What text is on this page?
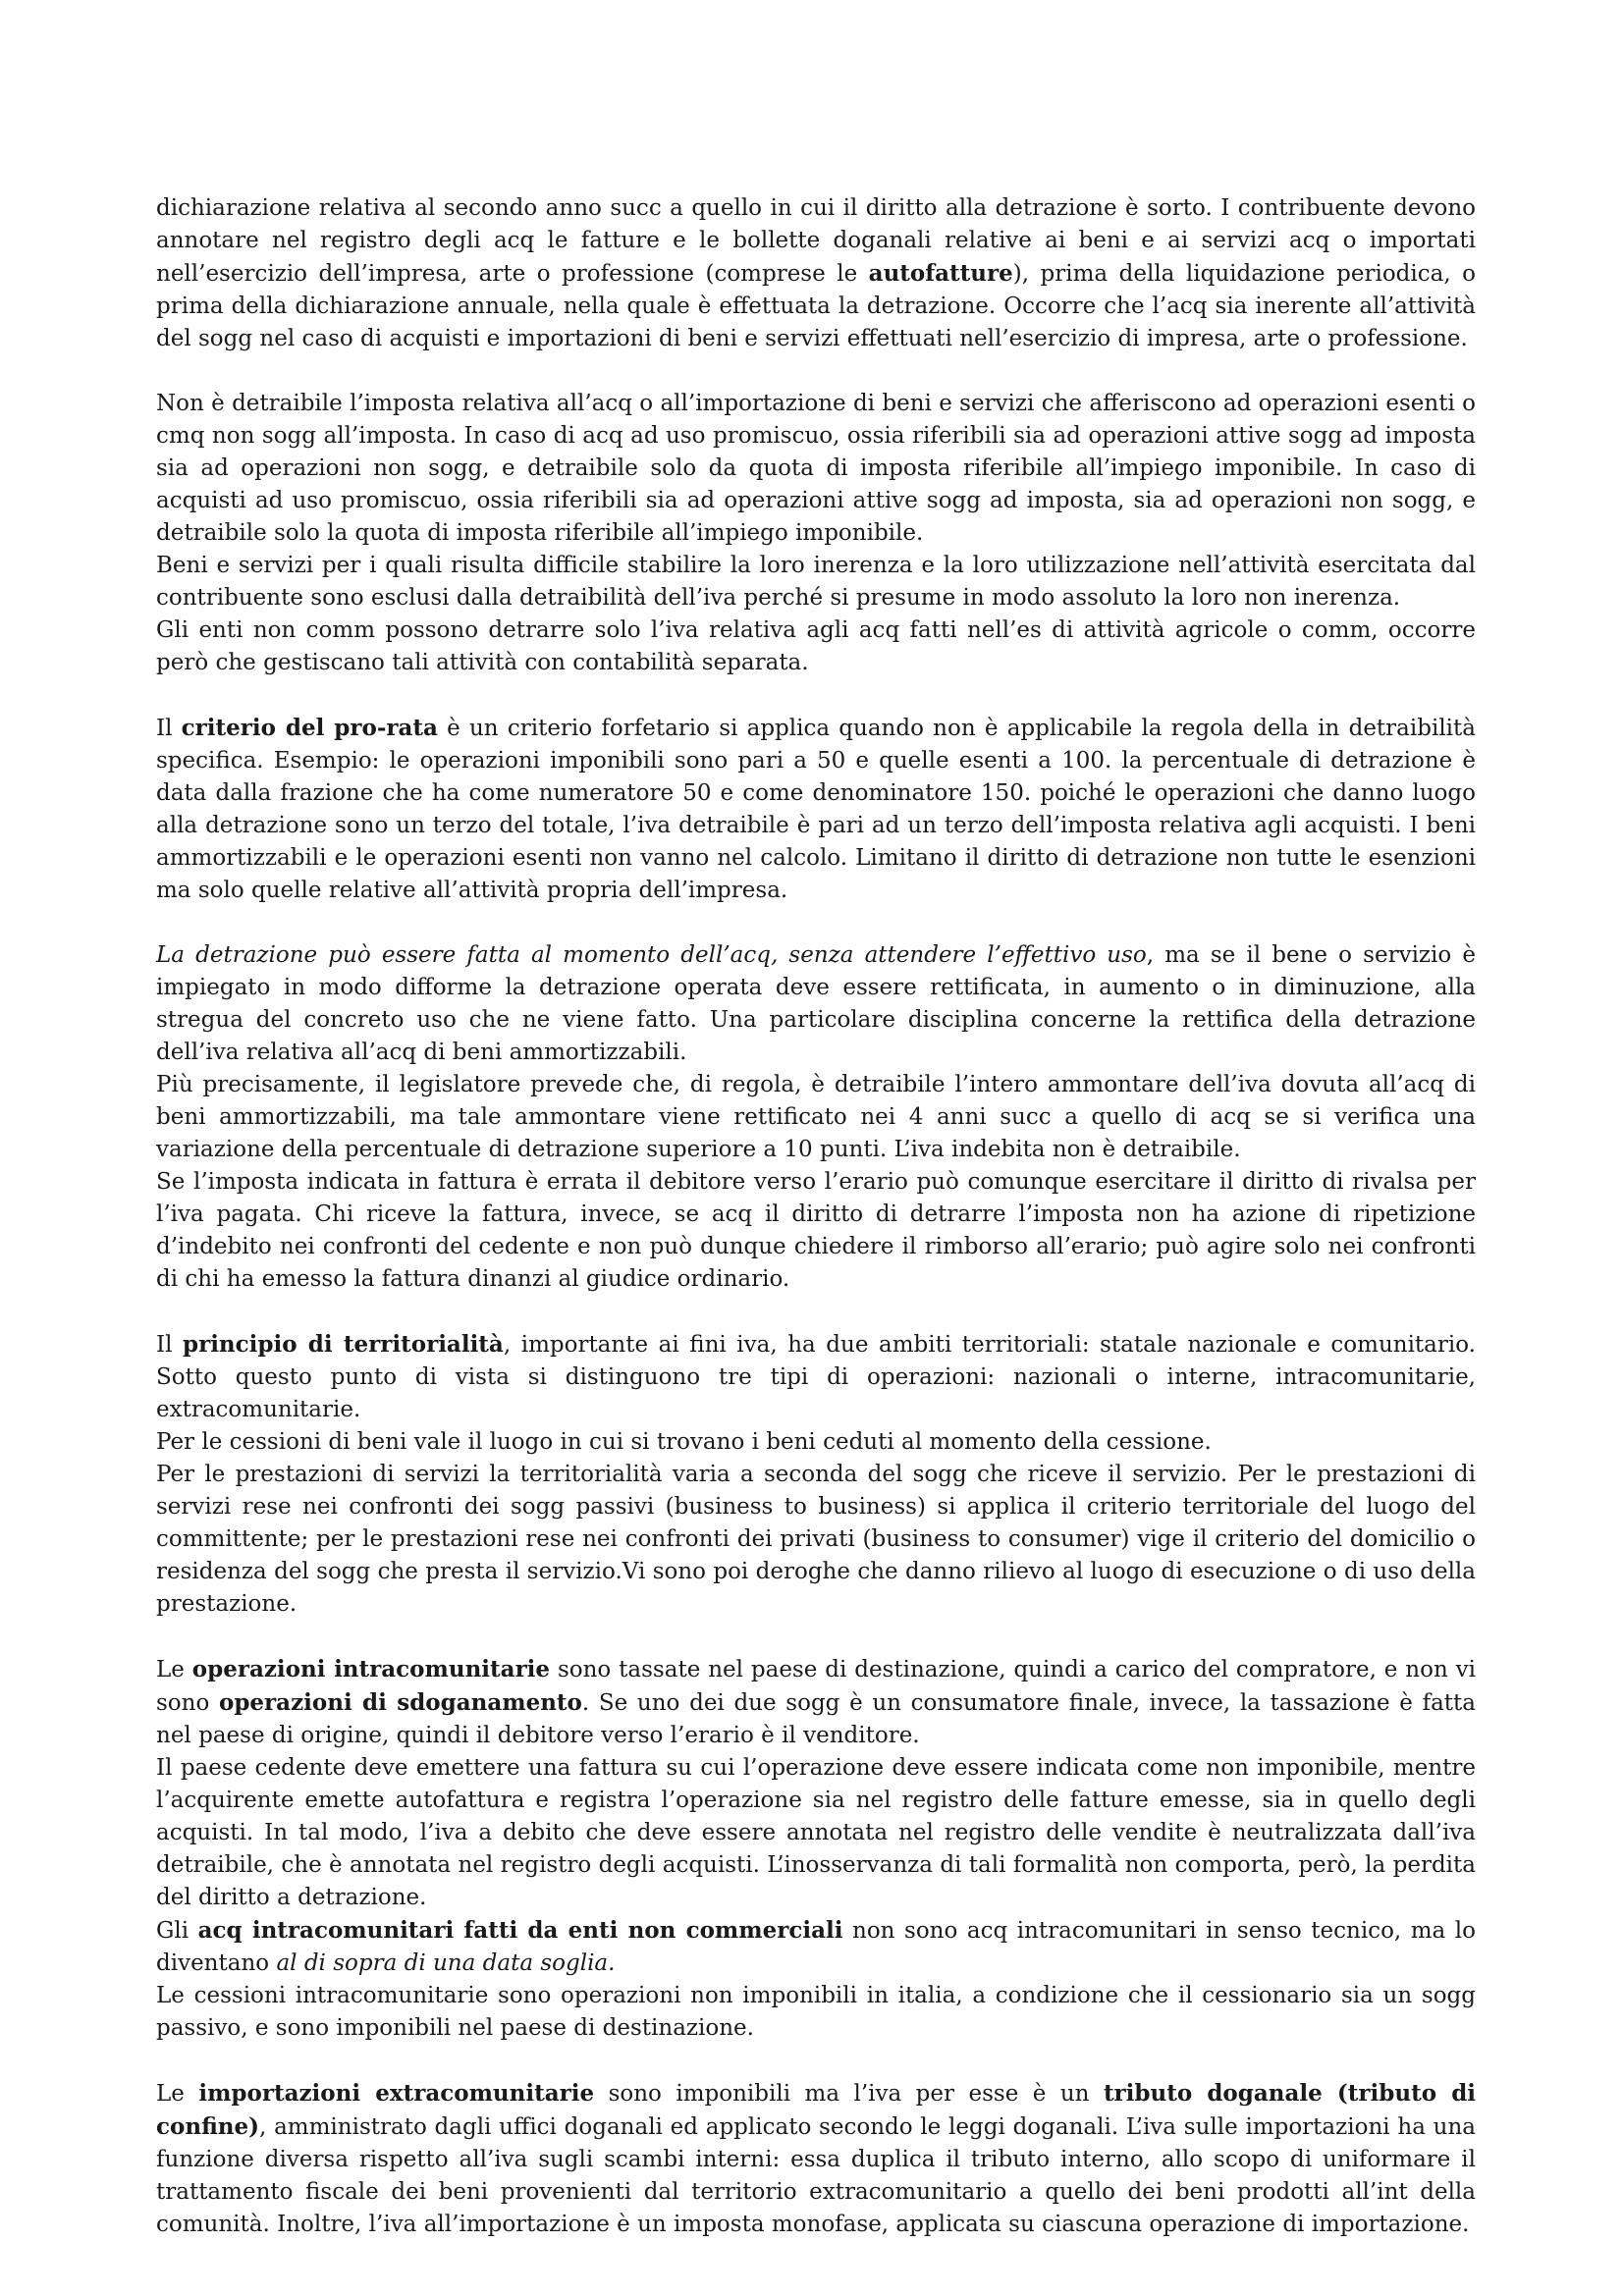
dichiarazione relativa al secondo anno succ a quello in cui il diritto alla detrazione è sorto. I contribuente devono annotare nel registro degli acq le fatture e le bollette doganali relative ai beni e ai servizi acq o importati nell’esercizio dell’impresa, arte o professione (comprese le autofatture), prima della liquidazione periodica, o prima della dichiarazione annuale, nella quale è effettuata la detrazione. Occorre che l’acq sia inerente all’attività del sogg nel caso di acquisti e importazioni di beni e servizi effettuati nell’esercizio di impresa, arte o professione.

Non è detraibile l’imposta relativa all’acq o all’importazione di beni e servizi che afferiscono ad operazioni esenti o cmq non sogg all’imposta. In caso di acq ad uso promiscuo, ossia riferibili sia ad operazioni attive sogg ad imposta sia ad operazioni non sogg, e detraibile solo da quota di imposta riferibile all’impiego imponibile. In caso di acquisti ad uso promiscuo, ossia riferibili sia ad operazioni attive sogg ad imposta, sia ad operazioni non sogg, e detraibile solo la quota di imposta riferibile all’impiego imponibile.

Beni e servizi per i quali risulta difficile stabilire la loro inerenza e la loro utilizzazione nell’attività esercitata dal contribuente sono esclusi dalla detraibilità dell’iva perché si presume in modo assoluto la loro non inerenza.

Gli enti non comm possono detrarre solo l’iva relativa agli acq fatti nell’es di attività agricole o comm, occorre però che gestiscano tali attività con contabilità separata.

Il criterio del pro-rata è un criterio forfetario si applica quando non è applicabile la regola della in detraibilità specifica. Esempio: le operazioni imponibili sono pari a 50 e quelle esenti a 100. la percentuale di detrazione è data dalla frazione che ha come numeratore 50 e come denominatore 150. poiché le operazioni che danno luogo alla detrazione sono un terzo del totale, l’iva detraibile è pari ad un terzo dell’imposta relativa agli acquisti. I beni ammortizzabili e le operazioni esenti non vanno nel calcolo. Limitano il diritto di detrazione non tutte le esenzioni ma solo quelle relative all’attività propria dell’impresa.

La detrazione può essere fatta al momento dell’acq, senza attendere l’effettivo uso, ma se il bene o servizio è impiegato in modo difforme la detrazione operata deve essere rettificata, in aumento o in diminuzione, alla stregua del concreto uso che ne viene fatto. Una particolare disciplina concerne la rettifica della detrazione dell’iva relativa all’acq di beni ammortizzabili.

Più precisamente, il legislatore prevede che, di regola, è detraibile l’intero ammontare dell’iva dovuta all’acq di beni ammortizzabili, ma tale ammontare viene rettificato nei 4 anni succ a quello di acq se si verifica una variazione della percentuale di detrazione superiore a 10 punti. L’iva indebita non è detraibile.

Se l’imposta indicata in fattura è errata il debitore verso l’erario può comunque esercitare il diritto di rivalsa per l’iva pagata. Chi riceve la fattura, invece, se acq il diritto di detrarre l’imposta non ha azione di ripetizione d’indebito nei confronti del cedente e non può dunque chiedere il rimborso all’erario; può agire solo nei confronti di chi ha emesso la fattura dinanzi al giudice ordinario.

Il principio di territorialità, importante ai fini iva, ha due ambiti territoriali: statale nazionale e comunitario. Sotto questo punto di vista si distinguono tre tipi di operazioni: nazionali o interne, intracomunitarie, extracomunitarie.

Per le cessioni di beni vale il luogo in cui si trovano i beni ceduti al momento della cessione.

Per le prestazioni di servizi la territorialità varia a seconda del sogg che riceve il servizio. Per le prestazioni di servizi rese nei confronti dei sogg passivi (business to business) si applica il criterio territoriale del luogo del committente; per le prestazioni rese nei confronti dei privati (business to consumer) vige il criterio del domicilio o residenza del sogg che presta il servizio.Vi sono poi deroghe che danno rilievo al luogo di esecuzione o di uso della prestazione.

Le operazioni intracomunitarie sono tassate nel paese di destinazione, quindi a carico del compratore, e non vi sono operazioni di sdoganamento. Se uno dei due sogg è un consumatore finale, invece, la tassazione è fatta nel paese di origine, quindi il debitore verso l’erario è il venditore.

Il paese cedente deve emettere una fattura su cui l’operazione deve essere indicata come non imponibile, mentre l’acquirente emette autofattura e registra l’operazione sia nel registro delle fatture emesse, sia in quello degli acquisti. In tal modo, l’iva a debito che deve essere annotata nel registro delle vendite è neutralizzata dall’iva detraibile, che è annotata nel registro degli acquisti. L’inosservanza di tali formalità non comporta, però, la perdita del diritto a detrazione.

Gli acq intracomunitari fatti da enti non commerciali non sono acq intracomunitari in senso tecnico, ma lo diventano al di sopra di una data soglia.

Le cessioni intracomunitarie sono operazioni non imponibili in italia, a condizione che il cessionario sia un sogg passivo, e sono imponibili nel paese di destinazione.

Le importazioni extracomunitarie sono imponibili ma l’iva per esse è un tributo doganale (tributo di confine), amministrato dagli uffici doganali ed applicato secondo le leggi doganali. L’iva sulle importazioni ha una funzione diversa rispetto all’iva sugli scambi interni: essa duplica il tributo interno, allo scopo di uniformare il trattamento fiscale dei beni provenienti dal territorio extracomunitario a quello dei beni prodotti all’int della comunità. Inoltre, l’iva all’importazione è un imposta monofase, applicata su ciascuna operazione di importazione.
